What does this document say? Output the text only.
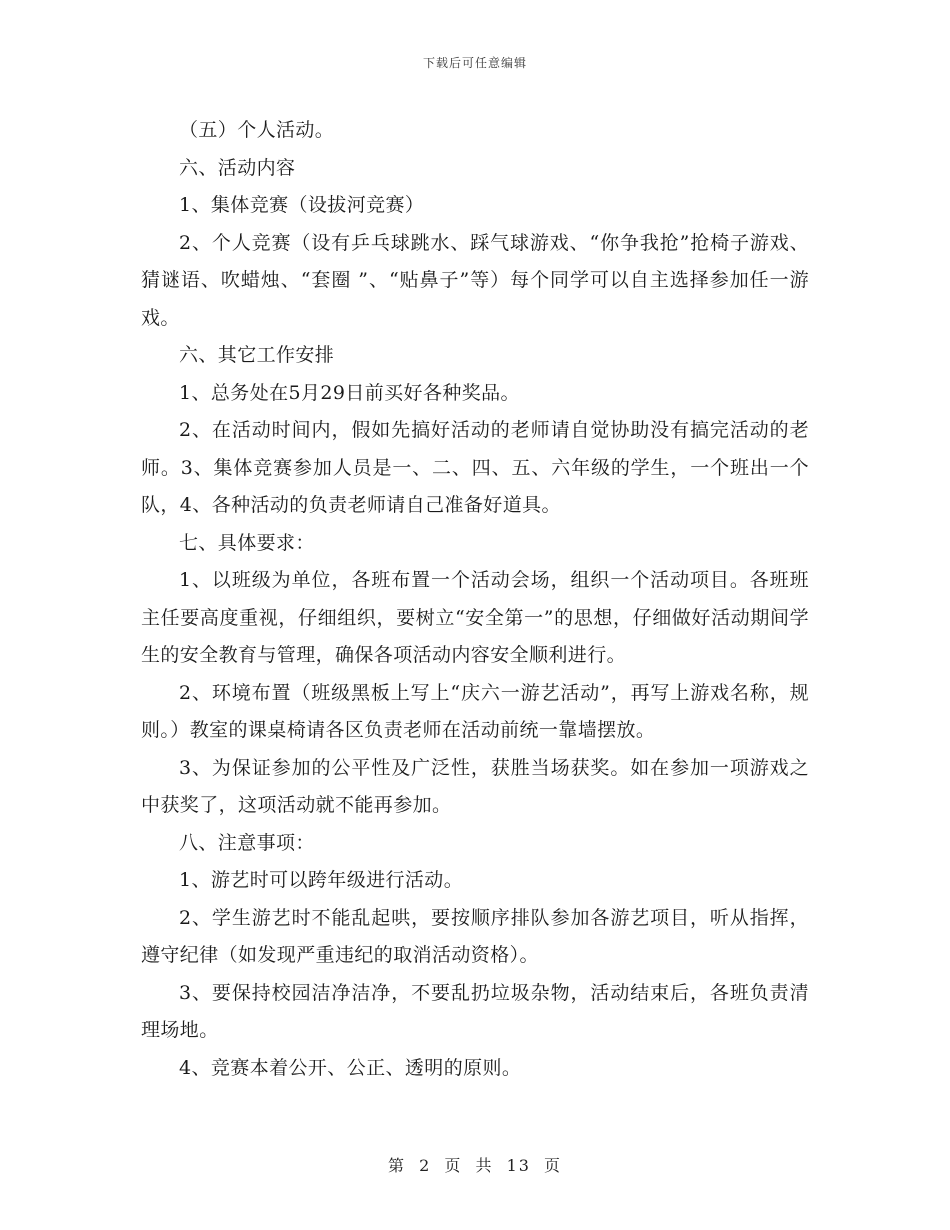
下载后可任意编辑

（五）个人活动。

六、活动内容

1、集体竞赛（设拔河竞赛）

2、个人竞赛（设有乒乓球跳水、踩气球游戏、“你争我抢”抢椅子游戏、猜谜语、吹蜡烛、“套圈 ”、“贴鼻子”等）每个同学可以自主选择参加任一游戏。

六、其它工作安排

1、总务处在5月29日前买好各种奖品。

2、在活动时间内，假如先搞好活动的老师请自觉协助没有搞完活动的老师。3、集体竞赛参加人员是一、二、四、五、六年级的学生，一个班出一个队，4、各种活动的负责老师请自己准备好道具。

七、具体要求：

1、以班级为单位，各班布置一个活动会场，组织一个活动项目。各班班主任要高度重视，仔细组织，要树立“安全第一”的思想，仔细做好活动期间学生的安全教育与管理，确保各项活动内容安全顺利进行。

2、环境布置（班级黑板上写上“庆六一游艺活动”，再写上游戏名称，规则。）教室的课桌椅请各区负责老师在活动前统一靠墙摆放。

3、为保证参加的公平性及广泛性，获胜当场获奖。如在参加一项游戏之中获奖了，这项活动就不能再参加。

八、注意事项：

1、游艺时可以跨年级进行活动。

2、学生游艺时不能乱起哄，要按顺序排队参加各游艺项目，听从指挥，遵守纪律（如发现严重违纪的取消活动资格）。

3、要保持校园洁净洁净，不要乱扔垃圾杂物，活动结束后，各班负责清理场地。

4、竞赛本着公开、公正、透明的原则。

第 2 页 共 13 页
